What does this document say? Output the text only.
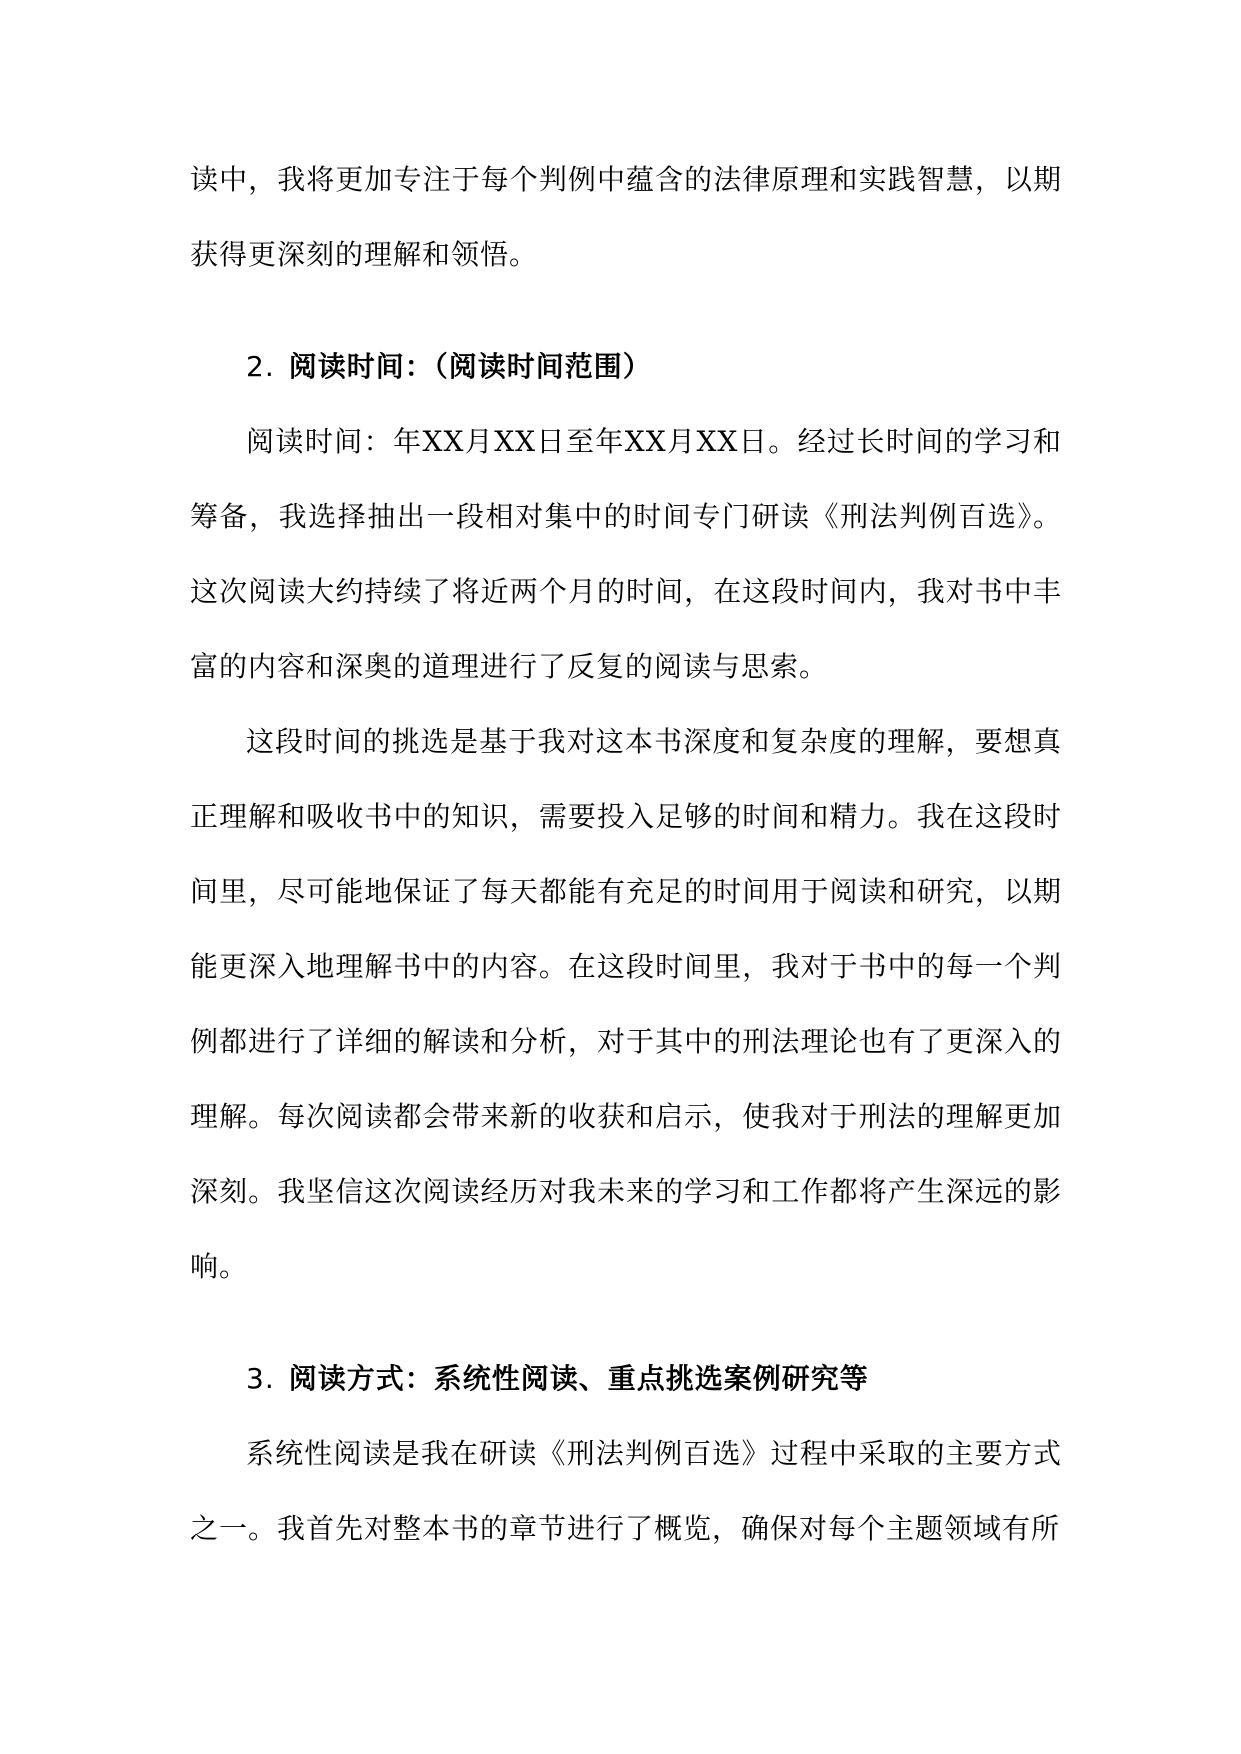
读中，我将更加专注于每个判例中蕴含的法律原理和实践智慧，以期获得更深刻的理解和领悟。

2. 阅读时间：（阅读时间范围）

阅读时间：年XX月XX日至年XX月XX日。经过长时间的学习和筹备，我选择抽出一段相对集中的时间专门研读《刑法判例百选》。这次阅读大约持续了将近两个月的时间，在这段时间内，我对书中丰富的内容和深奥的道理进行了反复的阅读与思索。

这段时间的挑选是基于我对这本书深度和复杂度的理解，要想真正理解和吸收书中的知识，需要投入足够的时间和精力。我在这段时间里，尽可能地保证了每天都能有充足的时间用于阅读和研究，以期能更深入地理解书中的内容。在这段时间里，我对于书中的每一个判例都进行了详细的解读和分析，对于其中的刑法理论也有了更深入的理解。每次阅读都会带来新的收获和启示，使我对于刑法的理解更加深刻。我坚信这次阅读经历对我未来的学习和工作都将产生深远的影响。

3. 阅读方式：系统性阅读、重点挑选案例研究等

系统性阅读是我在研读《刑法判例百选》过程中采取的主要方式之一。我首先对整本书的章节进行了概览，确保对每个主题领域有所
